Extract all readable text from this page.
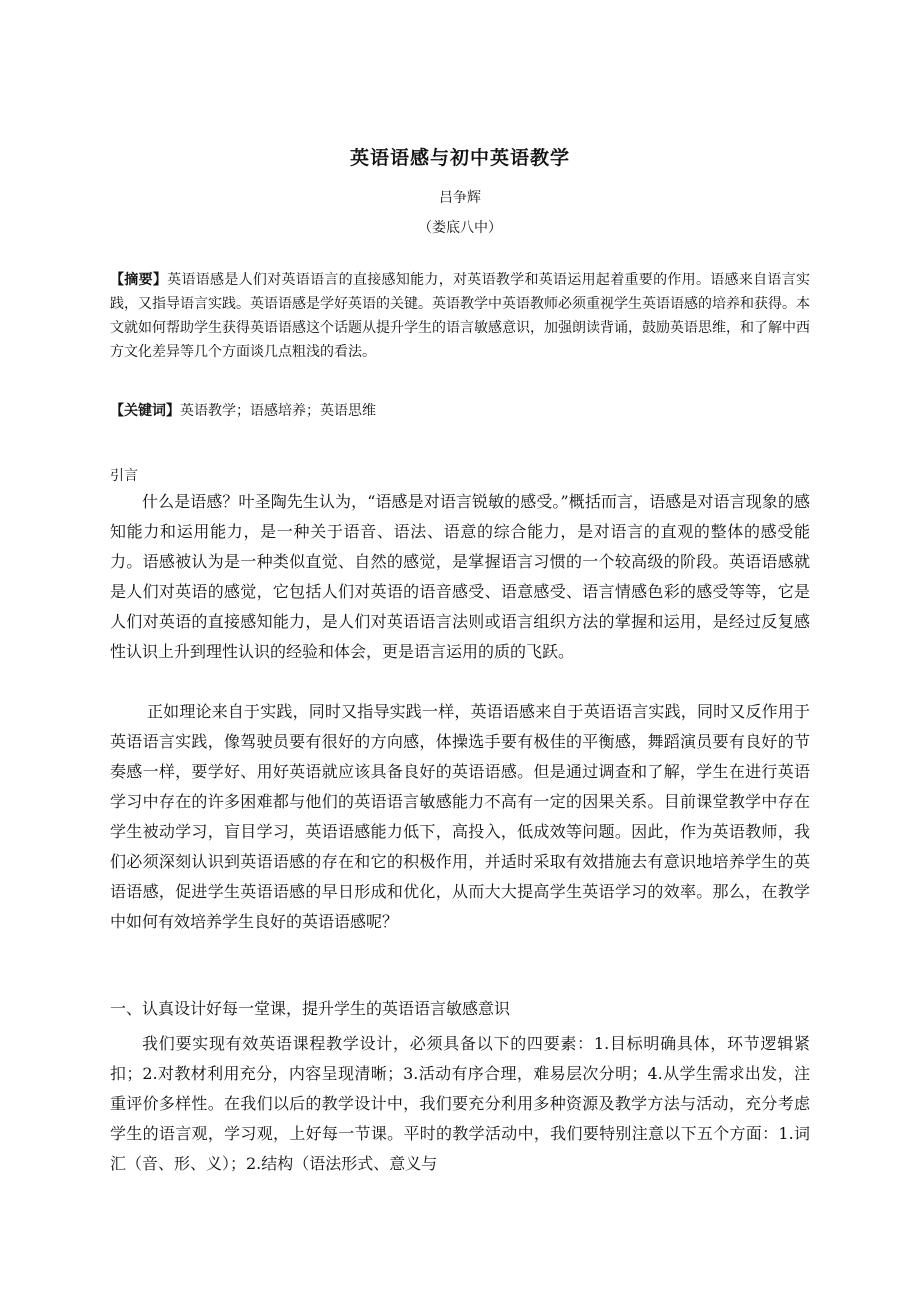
英语语感与初中英语教学
吕争辉
（娄底八中）
【摘要】英语语感是人们对英语语言的直接感知能力，对英语教学和英语运用起着重要的作用。语感来自语言实践，又指导语言实践。英语语感是学好英语的关键。英语教学中英语教师必须重视学生英语语感的培养和获得。本文就如何帮助学生获得英语语感这个话题从提升学生的语言敏感意识，加强朗读背诵，鼓励英语思维，和了解中西方文化差异等几个方面谈几点粗浅的看法。
【关键词】英语教学；语感培养；英语思维
引言
什么是语感？叶圣陶先生认为，“语感是对语言锐敏的感受。”概括而言，语感是对语言现象的感知能力和运用能力，是一种关于语音、语法、语意的综合能力，是对语言的直观的整体的感受能力。语感被认为是一种类似直觉、自然的感觉，是掌握语言习惯的一个较高级的阶段。英语语感就是人们对英语的感觉，它包括人们对英语的语音感受、语意感受、语言情感色彩的感受等等，它是人们对英语的直接感知能力，是人们对英语语言法则或语言组织方法的掌握和运用，是经过反复感性认识上升到理性认识的经验和体会，更是语言运用的质的飞跃。
正如理论来自于实践，同时又指导实践一样，英语语感来自于英语语言实践，同时又反作用于英语语言实践，像驾驶员要有很好的方向感，体操选手要有极佳的平衡感，舞蹈演员要有良好的节奏感一样，要学好、用好英语就应该具备良好的英语语感。但是通过调查和了解，学生在进行英语学习中存在的许多困难都与他们的英语语言敏感能力不高有一定的因果关系。目前课堂教学中存在学生被动学习，盲目学习，英语语感能力低下，高投入，低成效等问题。因此，作为英语教师，我们必须深刻认识到英语语感的存在和它的积极作用，并适时采取有效措施去有意识地培养学生的英语语感，促进学生英语语感的早日形成和优化，从而大大提高学生英语学习的效率。那么，在教学中如何有效培养学生良好的英语语感呢？
一、认真设计好每一堂课，提升学生的英语语言敏感意识
我们要实现有效英语课程教学设计，必须具备以下的四要素：1.目标明确具体，环节逻辑紧扣；2.对教材利用充分，内容呈现清晰；3.活动有序合理，难易层次分明；4.从学生需求出发，注重评价多样性。在我们以后的教学设计中，我们要充分利用多种资源及教学方法与活动，充分考虑学生的语言观，学习观，上好每一节课。平时的教学活动中，我们要特别注意以下五个方面：1.词汇（音、形、义）；2.结构（语法形式、意义与
